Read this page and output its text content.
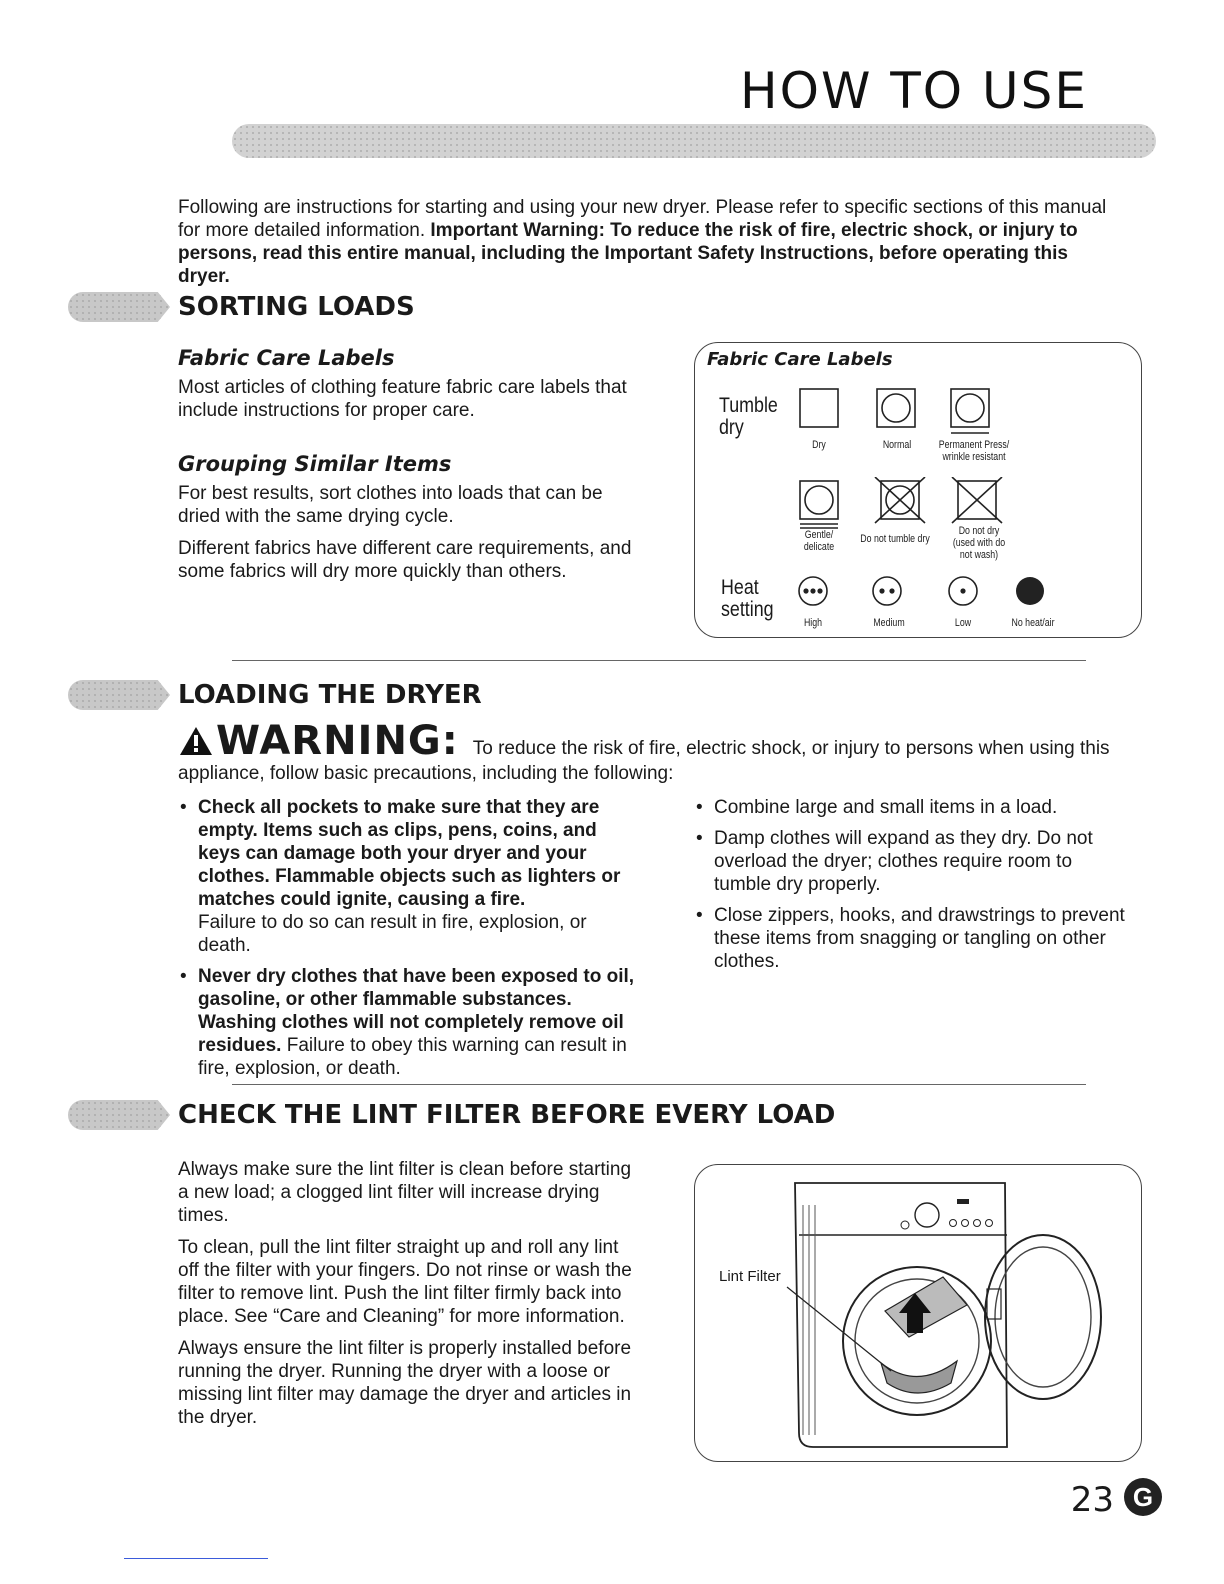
HOW TO USE
Following are instructions for starting and using your new dryer. Please refer to specific sections of this manual for more detailed information. Important Warning: To reduce the risk of fire, electric shock, or injury to persons, read this entire manual, including the Important Safety Instructions, before operating this dryer.
SORTING LOADS
Fabric Care Labels
Most articles of clothing feature fabric care labels that include instructions for proper care.
Grouping Similar Items

For best results, sort clothes into loads that can be dried with the same drying cycle.

Different fabrics have different care requirements, and some fabrics will dry more quickly than others.

Fabric Care Labels
Tumble dry
Dry	Normal	Permanent Press/ wrinkle resistant
Gentle/ delicate
Do not tumble dry
Do not dry (used with do not wash)
Heat setting
High	Medium	Low	No heat/air
LOADING THE DRYER
WARNING: To reduce the risk of fire, electric shock, or injury to persons when using this
appliance, follow basic precautions, including the following:
• Check all pockets to make sure that they are empty. Items such as clips, pens, coins, and keys can damage both your dryer and your clothes. Flammable objects such as lighters or matches could ignite, causing a fire.
Failure to do so can result in fire, explosion, or death.
• Never dry clothes that have been exposed to oil, gasoline, or other flammable substances. Washing clothes will not completely remove oil residues. Failure to obey this warning can result in fire, explosion, or death.
• Combine large and small items in a load.
• Damp clothes will expand as they dry. Do not overload the dryer; clothes require room to tumble dry properly.
• Close zippers, hooks, and drawstrings to prevent these items from snagging or tangling on other clothes.
CHECK THE LINT FILTER BEFORE EVERY LOAD

Always make sure the lint filter is clean before starting a new load; a clogged lint filter will increase drying times.

To clean, pull the lint filter straight up and roll any lint off the filter with your fingers. Do not rinse or wash the filter to remove lint. Push the lint filter firmly back into place. See “Care and Cleaning” for more information.

Always ensure the lint filter is properly installed before running the dryer. Running the dryer with a loose or missing lint filter may damage the dryer and articles in the dryer.

Lint Filter
23 G
